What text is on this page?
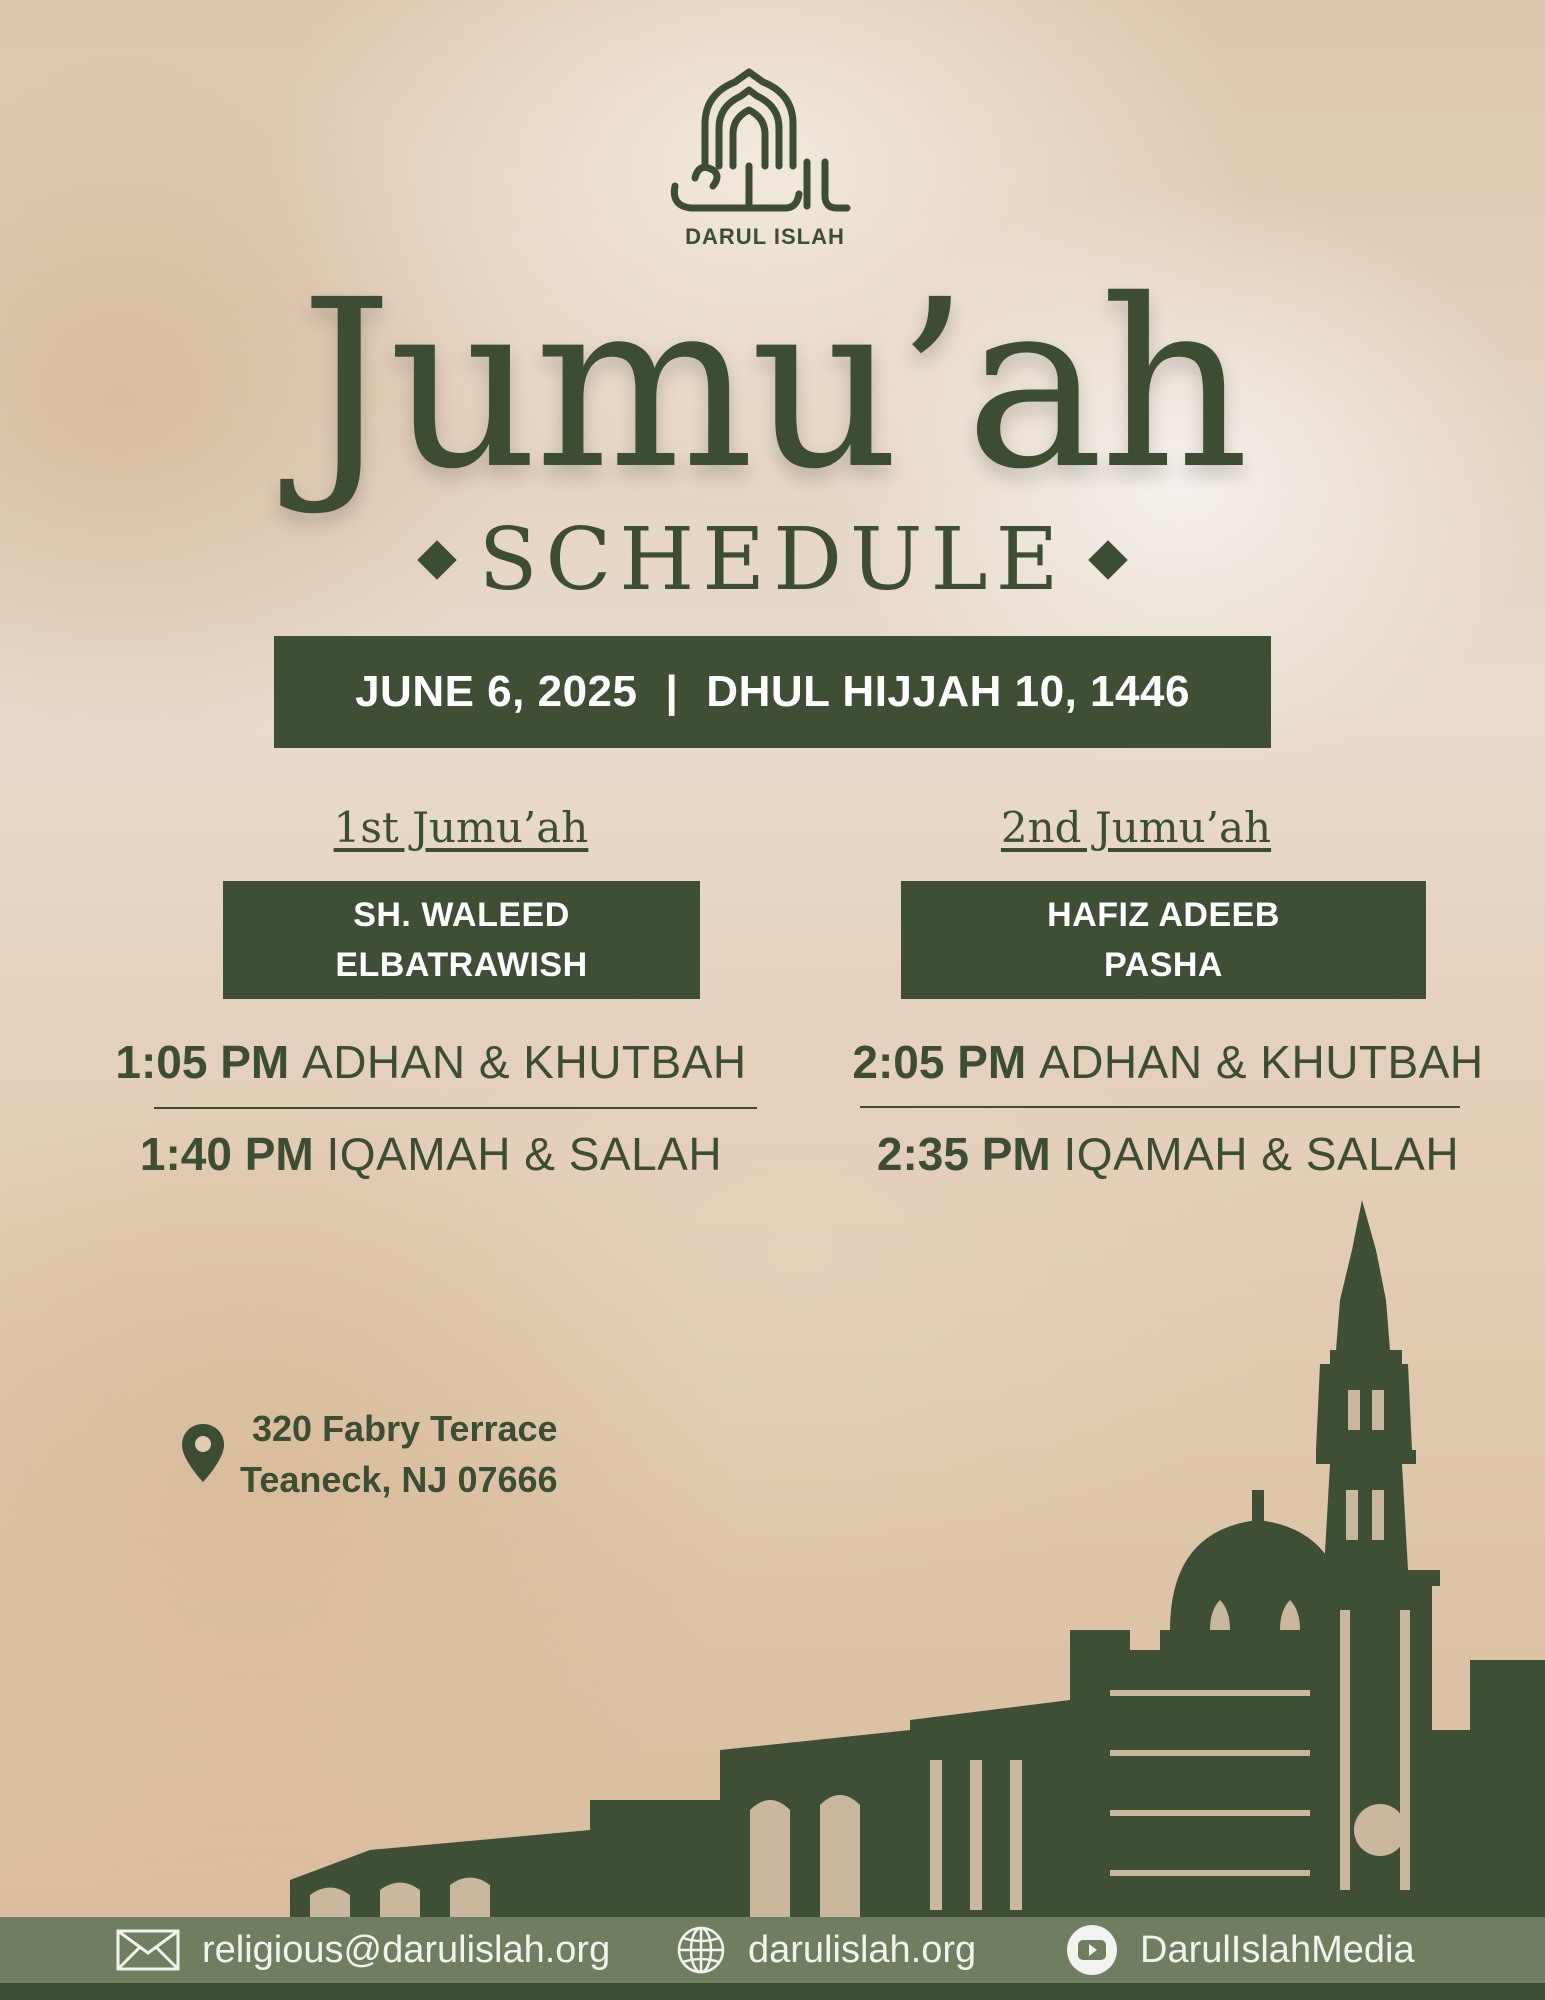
DARUL ISLAH
Jumu’ah
SCHEDULE
JUNE 6, 2025 | DHUL HIJJAH 10, 1446
1st Jumu’ah
SH. WALEED
ELBATRAWISH
1:05 PM ADHAN & KHUTBAH
1:40 PM IQAMAH & SALAH
2nd Jumu’ah
HAFIZ ADEEB
PASHA
2:05 PM ADHAN & KHUTBAH
2:35 PM IQAMAH & SALAH
320 Fabry Terrace
Teaneck, NJ 07666
religious@darulislah.org	darulislah.org	DarulIslahMedia
